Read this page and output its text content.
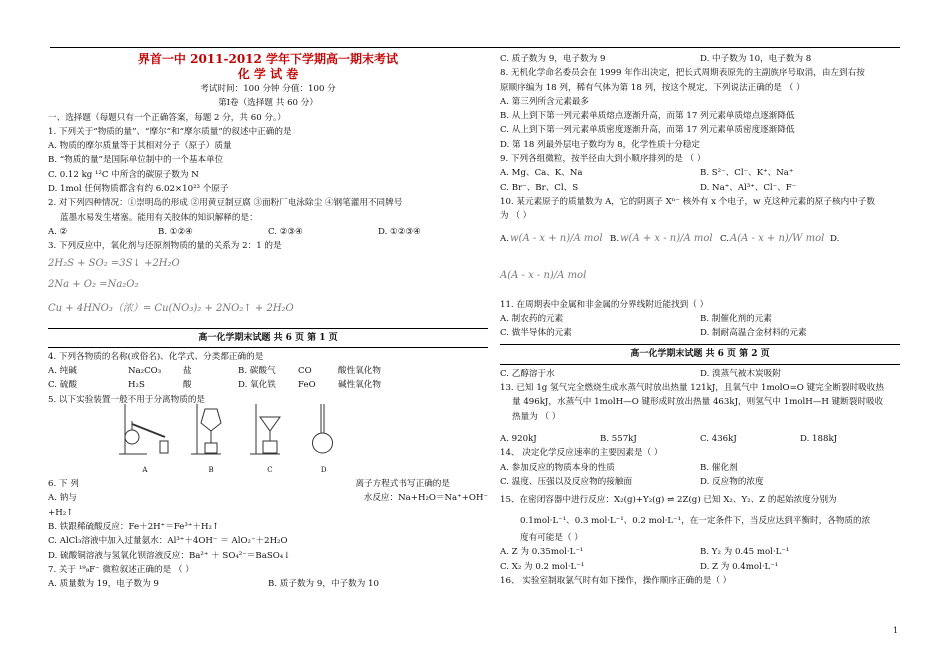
界首一中 2011-2012 学年下学期高一期末考试
化 学 试 卷
考试时间：100 分钟 分值：100 分
第Ⅰ卷（选择题 共 60 分）
一、选择题（每题只有一个正确答案，每题 2 分，共 60 分。）
1. 下列关于“物质的量”、“摩尔”和“摩尔质量”的叙述中正确的是
A. 物质的摩尔质量等于其相对分子（原子）质量
B. “物质的量”是国际单位制中的一个基本单位
C. 0.12 kg ¹²C 中所含的碳原子数为 N
D. 1mol 任何物质都含有约 6.02×10²³ 个原子
2. 对下列四种情况：①崇明岛的形成 ②用黄豆制豆腐 ③面粉厂电泳除尘 ④钢笔灌用不同牌号
蓝墨水易发生堵塞。能用有关胶体的知识解释的是：
A. ②	B. ①②④	C. ②③④	D. ①②③④
3. 下列反应中，氧化剂与还原剂物质的量的关系为 2：1 的是
2H₂S + SO₂ =3S↓ +2H₂O
2Na + O₂ =Na₂O₂
Cu + 4HNO₃（浓）= Cu(NO₃)₂ + 2NO₂↑ + 2H₂O
高一化学期末试题 共 6 页 第 1 页
4. 下列各物质的名称(或俗名)、化学式、分类都正确的是
A. 纯碱	Na₂CO₃	盐	B. 碳酸气	CO	酸性氧化物
C. 硫酸	H₂S	酸	D. 氧化铁	FeO	碱性氧化物
5. 以下实验装置一般不用于分离物质的是
A	B	C	D
6. 下 列	离子方程式书写正确的是
A. 钠与	水反应：Na+H₂O＝Na⁺+OH⁻
+H₂↑
B. 铁跟稀硫酸反应：Fe＋2H⁺＝Fe³⁺＋H₂↑
C. AlCl₃溶液中加入过量氨水：Al³⁺＋4OH⁻ ＝ AlO₂⁻＋2H₂O
D. 硫酸铜溶液与氢氧化钡溶液反应：Ba²⁺ ＋ SO₄²⁻＝BaSO₄↓
7. 关于 ¹⁹₉F⁻ 微粒叙述正确的是 （ ）
A. 质量数为 19，电子数为 9	B. 质子数为 9，中子数为 10
C. 质子数为 9，电子数为 9	D. 中子数为 10，电子数为 8
8. 无机化学命名委员会在 1999 年作出决定，把长式周期表原先的主副族序号取消，由左到右按
原顺序编为 18 列，稀有气体为第 18 列，按这个规定，下列说法正确的是 （ ）
A. 第三列所含元素最多
B. 从上到下第一列元素单质熔点逐渐升高，而第 17 列元素单质熔点逐渐降低
C. 从上到下第一列元素单质密度逐渐升高，而第 17 列元素单质密度逐渐降低
D. 第 18 列最外层电子数均为 8，化学性质十分稳定
9. 下列各组微粒，按半径由大到小顺序排列的是 （ ）
A. Mg、Ca、K、Na	B. S²⁻、Cl⁻、K⁺、Na⁺
C. Br⁻、Br、Cl、S	D. Na⁺、Al³⁺、Cl⁻、F⁻
10. 某元素原子的质量数为 A，它的阴离子 Xⁿ⁻ 核外有 x 个电子，w 克这种元素的原子核内中子数
为 （ ）
A. w(A - x + n)/A mol B. w(A + x - n)/A mol C. A(A - x + n)/W mol D.
A(A - x - n)/A mol
11. 在周期表中金属和非金属的分界线附近能找到（ ）
A. 制农药的元素	B. 制催化剂的元素
C. 做半导体的元素	D. 制耐高温合金材料的元素
高一化学期末试题 共 6 页 第 2 页
C. 乙醇溶于水	D. 溴蒸气被木炭吸附
13. 已知 1g 氢气完全燃烧生成水蒸气时放出热量 121kJ，且氧气中 1molO=O 键完全断裂时吸收热
量 496kJ，水蒸气中 1molH—O 键形成时放出热量 463kJ，则氢气中 1molH—H 键断裂时吸收
热量为 （ ）
A. 920kJ	B. 557kJ	C. 436kJ	D. 188kJ
14、 决定化学反应速率的主要因素是（ ）
A. 参加反应的物质本身的性质	B. 催化剂
C. 温度、压强以及反应物的接触面	D. 反应物的浓度
15、在密闭容器中进行反应：X₂(g)+Y₂(g) ⇌ 2Z(g) 已知 X₂、Y₂、Z 的起始浓度分别为
0.1mol·L⁻¹、0.3 mol·L⁻¹、0.2 mol·L⁻¹，在一定条件下，当反应达到平衡时，各物质的浓
度有可能是（ ）
A. Z 为 0.35mol·L⁻¹	B. Y₂ 为 0.45 mol·L⁻¹
C. X₂ 为 0.2 mol·L⁻¹	D. Z 为 0.4mol·L⁻¹
16、 实验室制取氯气时有如下操作，操作顺序正确的是（ ）
1
